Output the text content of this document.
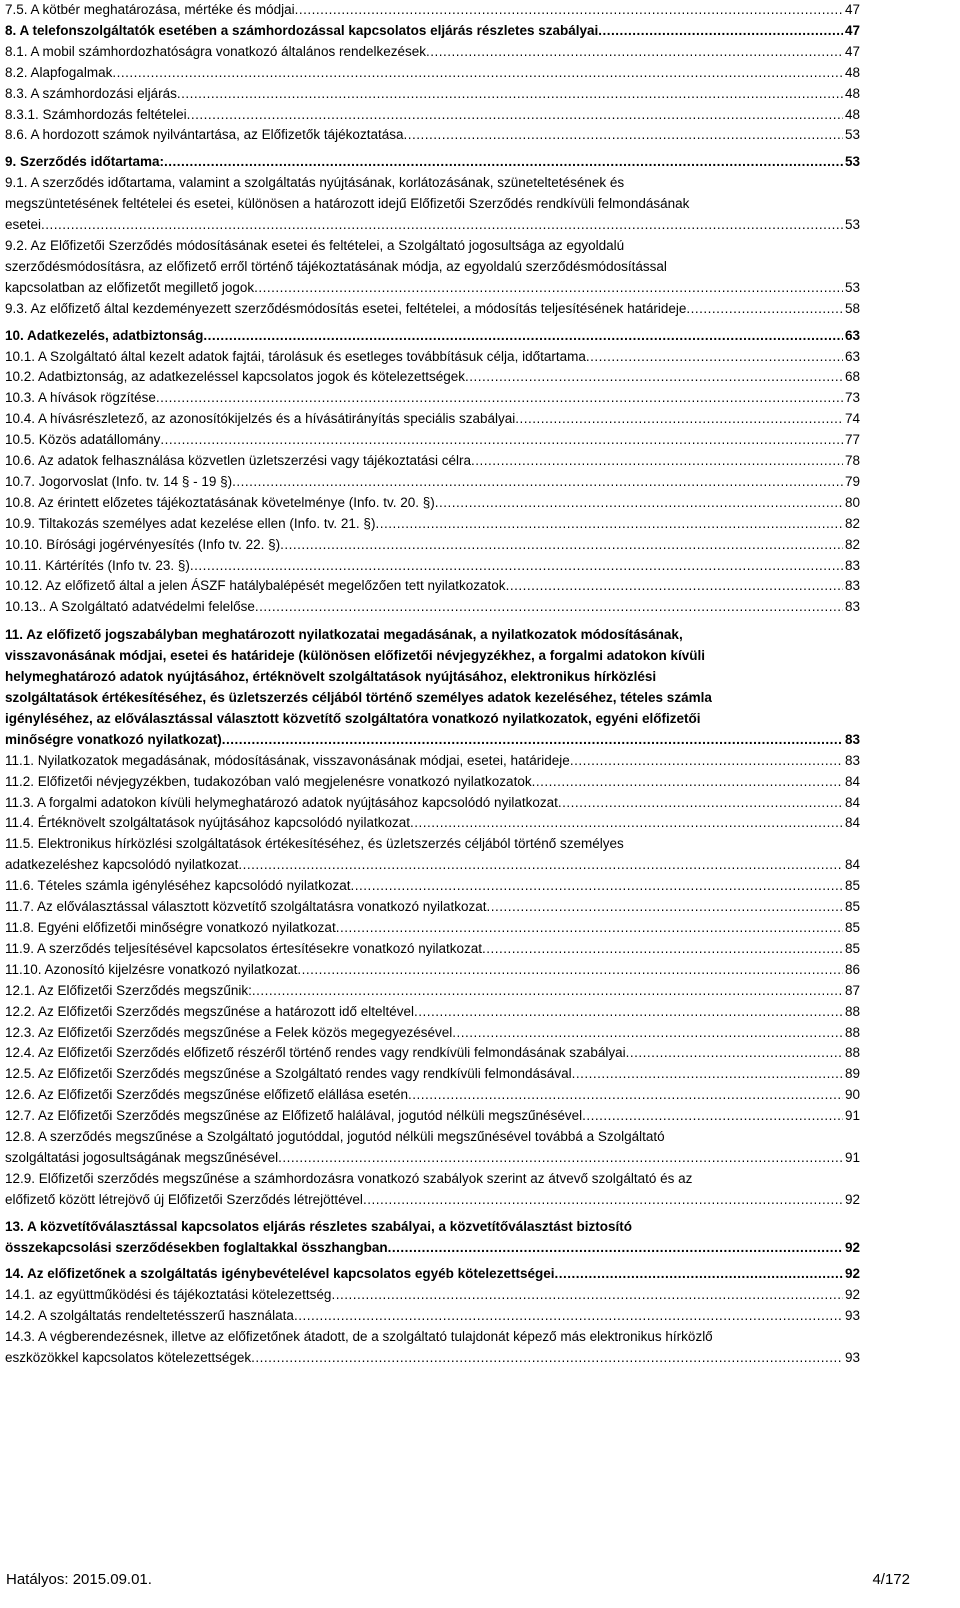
7.5. A kötbér meghatározása, mértéke és módjai .....	47
8. A telefonszolgáltatók esetében a számhordozással kapcsolatos eljárás részletes szabályai .....	47
8.1. A mobil számhordozhatóságra vonatkozó általános rendelkezések .....	47
8.2. Alapfogalmak .....	48
8.3. A számhordozási eljárás .....	48
8.3.1. Számhordozás feltételei .....	48
8.6. A hordozott számok nyilvántartása, az Előfizetők tájékoztatása .....	53
9. Szerződés időtartama: .....	53
9.1. A szerződés időtartama, valamint a szolgáltatás nyújtásának, korlátozásának, szüneteltetésének és
megszüntetésének feltételei és esetei, különösen a határozott idejű Előfizetői Szerződés rendkívüli felmondásának
esetei .....	53
9.2. Az Előfizetői Szerződés módosításának esetei és feltételei, a Szolgáltató jogosultsága az egyoldalú
szerződésmódosításra, az előfizető erről történő tájékoztatásának módja, az egyoldalú szerződésmódosítással
kapcsolatban az előfizetőt megillető jogok .....	53
9.3. Az előfizető által kezdeményezett szerződésmódosítás esetei, feltételei, a módosítás teljesítésének határideje .....	58
10. Adatkezelés, adatbiztonság .....	63
10.1. A Szolgáltató által kezelt adatok fajtái, tárolásuk és esetleges továbbításuk célja, időtartama .....	63
10.2. Adatbiztonság, az adatkezeléssel kapcsolatos jogok és kötelezettségek .....	68
10.3. A hívások rögzítése .....	73
10.4. A hívásrészletező, az azonosítókijelzés és a hívásátirányítás speciális szabályai .....	74
10.5. Közös adatállomány .....	77
10.6. Az adatok felhasználása közvetlen üzletszerzési vagy tájékoztatási célra .....	78
10.7. Jogorvoslat (Info. tv. 14 § - 19 §) .....	79
10.8. Az érintett előzetes tájékoztatásának követelménye (Info. tv. 20. §) .....	80
10.9. Tiltakozás személyes adat kezelése ellen (Info. tv. 21. §) .....	82
10.10. Bírósági jogérvényesítés (Info tv. 22. §) .....	82
10.11. Kártérítés (Info tv. 23. §) .....	83
10.12. Az előfizető által a jelen ÁSZF hatálybalépését megelőzően tett nyilatkozatok .....	83
10.13.. A Szolgáltató adatvédelmi felelőse .....	83
11. Az előfizető jogszabályban meghatározott nyilatkozatai megadásának, a nyilatkozatok módosításának,
visszavonásának módjai, esetei és határideje (különösen előfizetői névjegyzékhez, a forgalmi adatokon kívüli
helymeghatározó adatok nyújtásához, értéknövelt szolgáltatások nyújtásához, elektronikus hírközlési
szolgáltatások értékesítéséhez, és üzletszerzés céljából történő személyes adatok kezeléséhez, tételes számla
igényléséhez, az előválasztással választott közvetítő szolgáltatóra vonatkozó nyilatkozatok, egyéni előfizetői
minőségre vonatkozó nyilatkozat) .....	83
11.1. Nyilatkozatok megadásának, módosításának, visszavonásának módjai, esetei, határideje .....	83
11.2. Előfizetői névjegyzékben, tudakozóban való megjelenésre vonatkozó nyilatkozatok .....	84
11.3. A forgalmi adatokon kívüli helymeghatározó adatok nyújtásához kapcsolódó nyilatkozat .....	84
11.4. Értéknövelt szolgáltatások nyújtásához kapcsolódó nyilatkozat .....	84
11.5. Elektronikus hírközlési szolgáltatások értékesítéséhez, és üzletszerzés céljából történő személyes
adatkezeléshez kapcsolódó nyilatkozat .....	84
11.6. Tételes számla igényléséhez kapcsolódó nyilatkozat .....	85
11.7. Az előválasztással választott közvetítő szolgáltatásra vonatkozó nyilatkozat .....	85
11.8. Egyéni előfizetői minőségre vonatkozó nyilatkozat .....	85
11.9. A szerződés teljesítésével kapcsolatos értesítésekre vonatkozó nyilatkozat .....	85
11.10. Azonosító kijelzésre vonatkozó nyilatkozat .....	86
12.1. Az Előfizetői Szerződés megszűnik: .....	87
12.2. Az Előfizetői Szerződés megszűnése a határozott idő elteltével .....	88
12.3. Az Előfizetői Szerződés megszűnése a Felek közös megegyezésével .....	88
12.4. Az Előfizetői Szerződés előfizető részéről történő rendes vagy rendkívüli felmondásának szabályai .....	88
12.5. Az Előfizetői Szerződés megszűnése a Szolgáltató rendes vagy rendkívüli felmondásával .....	89
12.6. Az Előfizetői Szerződés megszűnése előfizető elállása esetén .....	90
12.7. Az Előfizetői Szerződés megszűnése az Előfizető halálával, jogutód nélküli megszűnésével .....	91
12.8. A szerződés megszűnése a Szolgáltató jogutóddal, jogutód nélküli megszűnésével továbbá a Szolgáltató
szolgáltatási jogosultságának megszűnésével .....	91
12.9. Előfizetői szerződés megszűnése a számhordozásra vonatkozó szabályok szerint az átvevő szolgáltató és az
előfizető között létrejövő új Előfizetői Szerződés létrejöttével .....	92
13. A közvetítőválasztással kapcsolatos eljárás részletes szabályai, a közvetítőválasztást biztosító
összekapcsolási szerződésekben foglaltakkal összhangban .....	92
14. Az előfizetőnek a szolgáltatás igénybevételével kapcsolatos egyéb kötelezettségei .....	92
14.1. az együttműködési és tájékoztatási kötelezettség .....	92
14.2. A szolgáltatás rendeltetésszerű használata .....	93
14.3. A végberendezésnek, illetve az előfizetőnek átadott, de a szolgáltató tulajdonát képező más elektronikus hírközlő
eszközökkel kapcsolatos kötelezettségek .....	93
Hatályos: 2015.09.01.	4/172
